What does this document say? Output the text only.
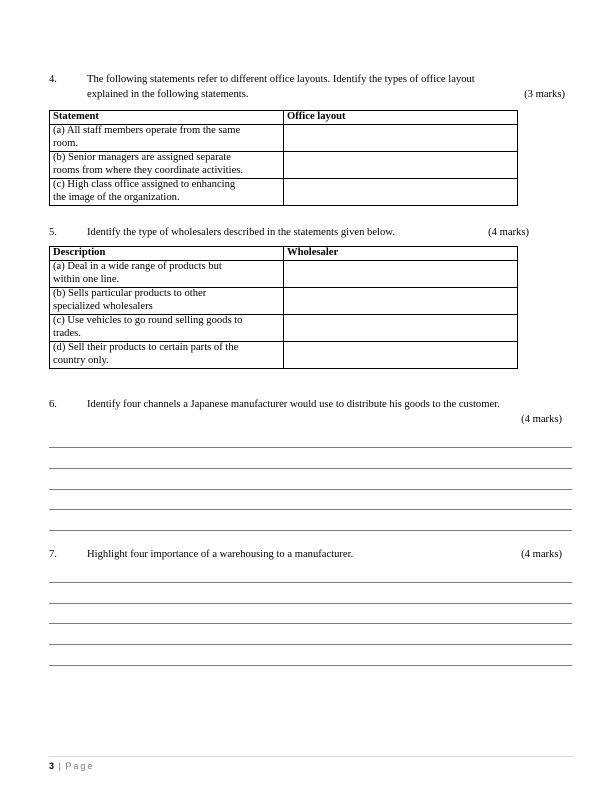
4.	The following statements refer to different office layouts. Identify the types of office layout
explained in the following statements.	(3 marks)
Statement	Office layout
(a) All staff members operate from the same
room.	
(b) Senior managers are assigned separate
rooms from where they coordinate activities.	
(c) High class office assigned to enhancing
the image of the organization.	
5.	Identify the type of wholesalers described in the statements given below.	(4 marks)
Description	Wholesaler
(a) Deal in a wide range of products but
within one line.	
(b) Sells particular products to other
specialized wholesalers	
(c) Use vehicles to go round selling goods to
trades.	
(d) Sell their products to certain parts of the
country only.	
6.	Identify four channels a Japanese manufacturer would use to distribute his goods to the customer.
(4 marks)
7.	Highlight four importance of a warehousing to a manufacturer.	(4 marks)
3 | Page
